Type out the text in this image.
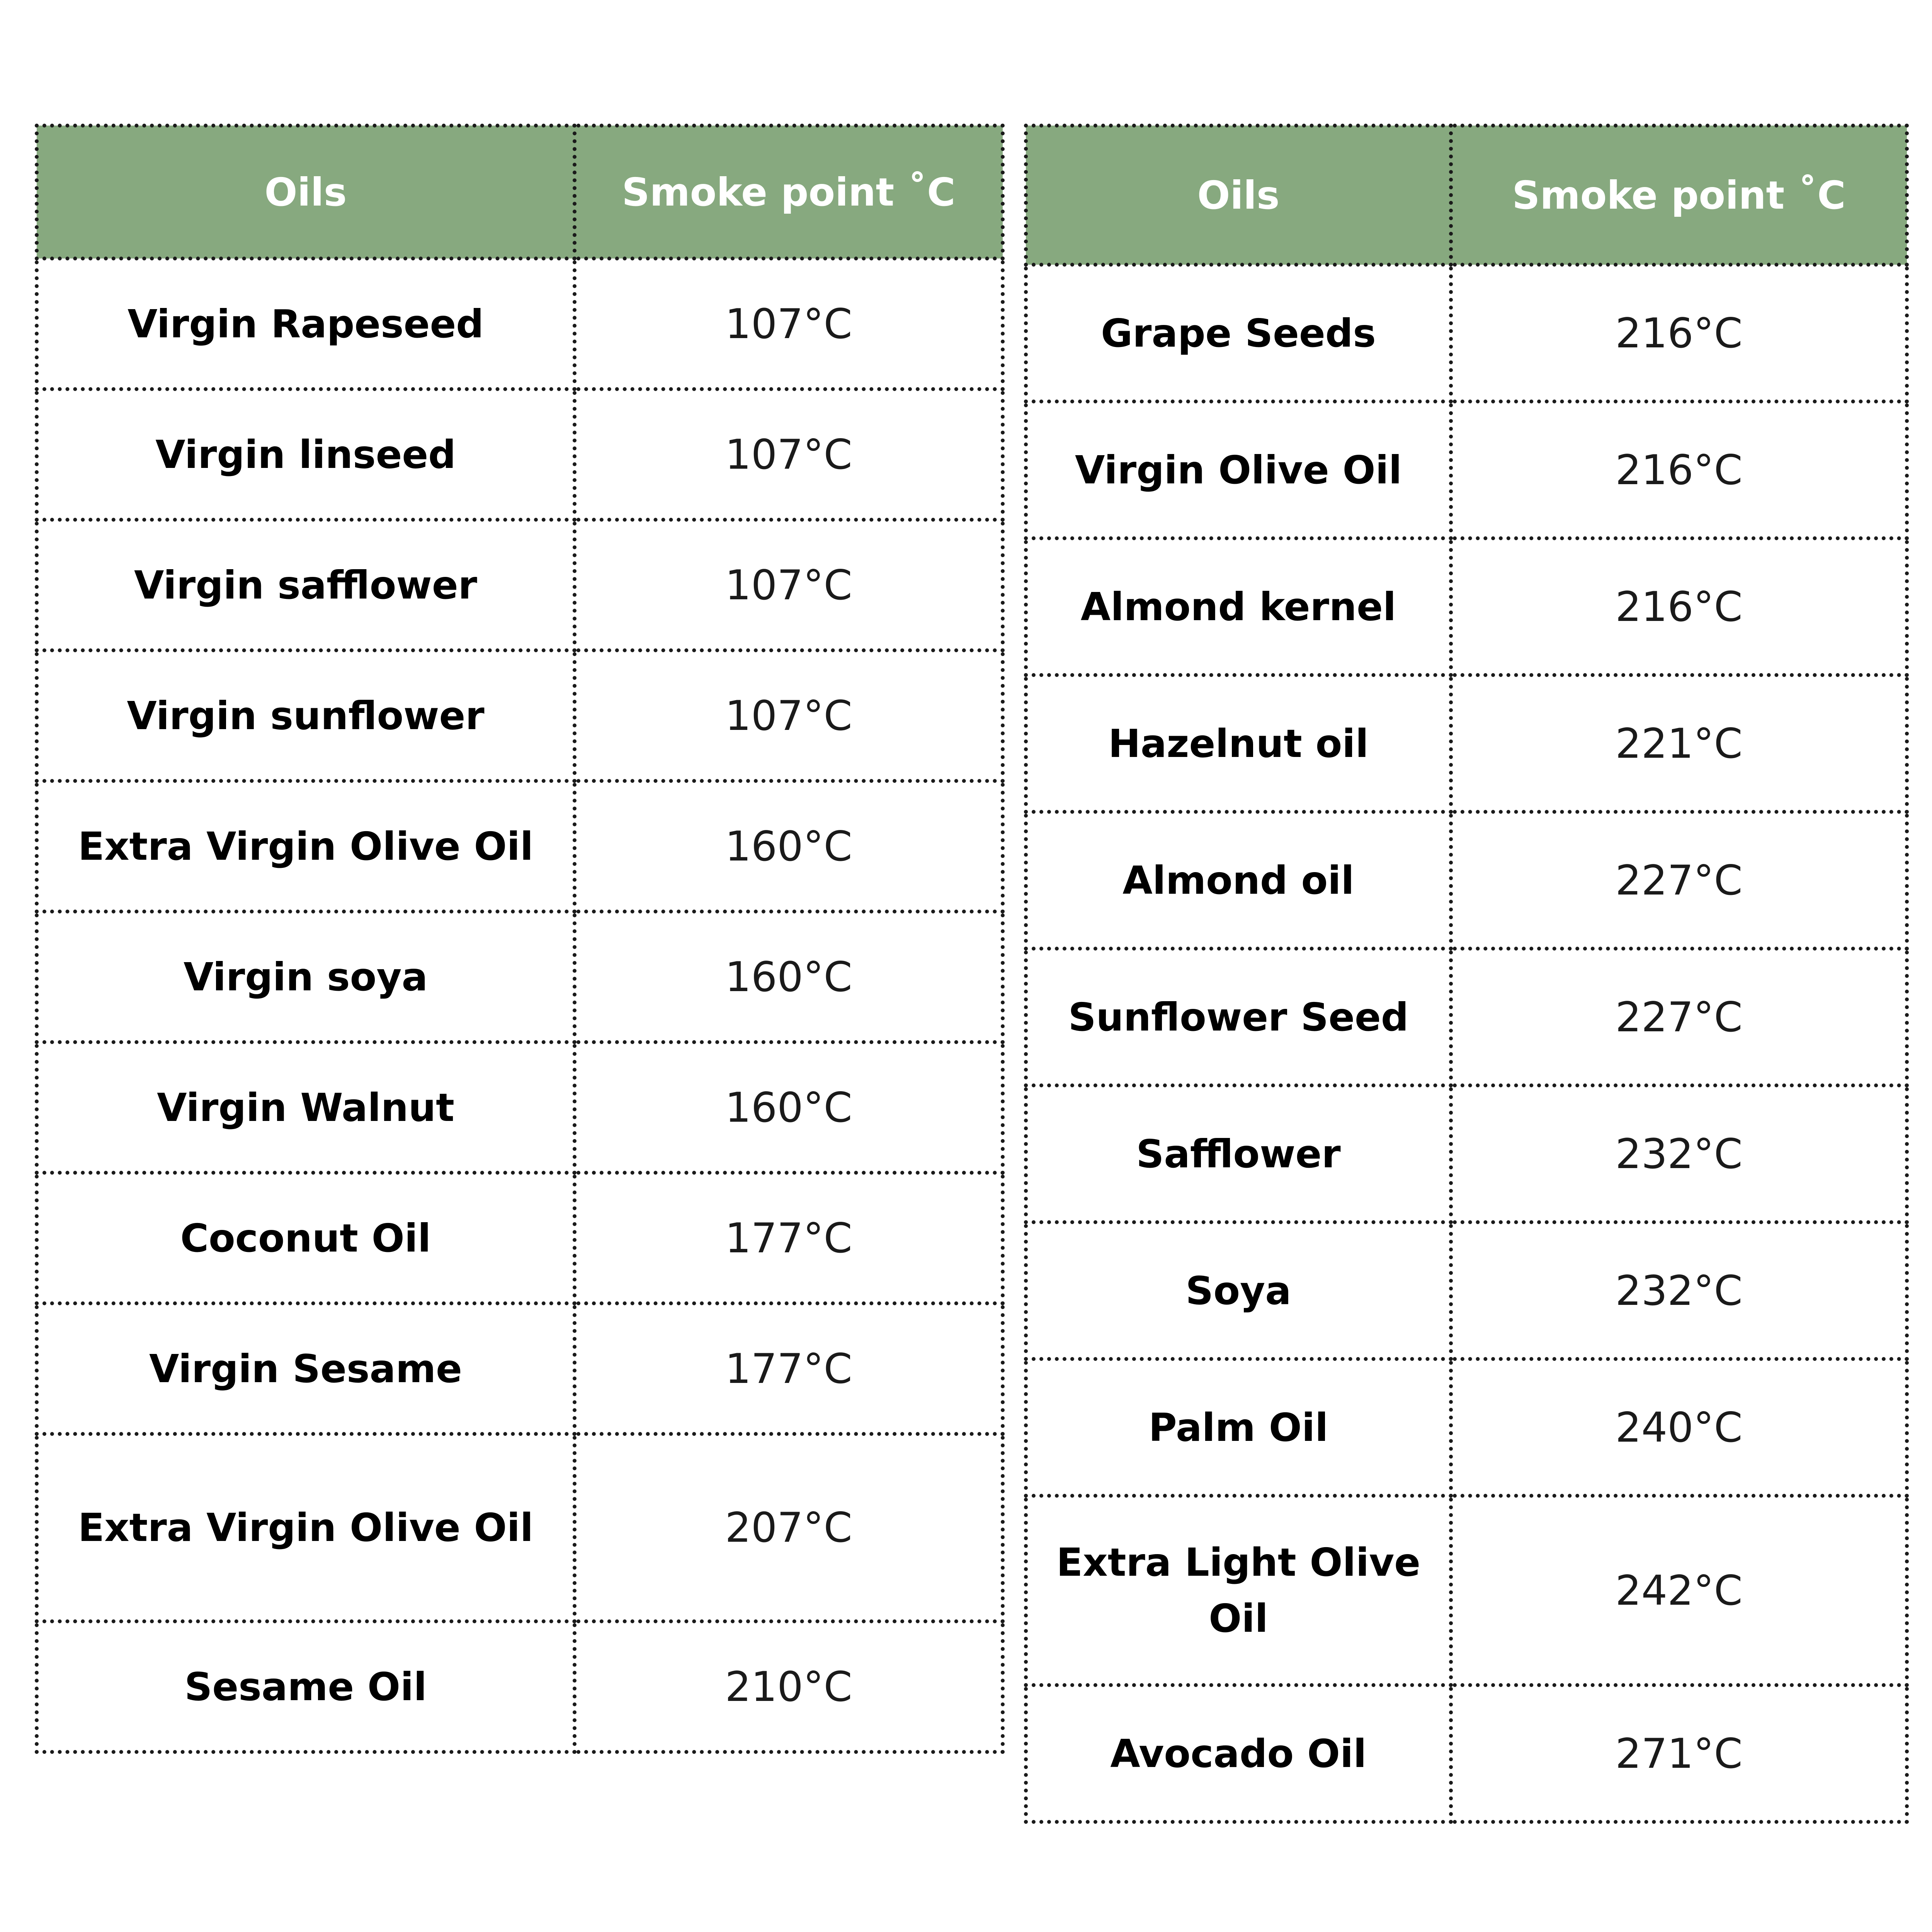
Oils	Smoke point ˚C
Virgin Rapeseed	107°C
Virgin linseed	107°C
Virgin safflower	107°C
Virgin sunflower	107°C
Extra Virgin Olive Oil	160°C
Virgin soya	160°C
Virgin Walnut	160°C
Coconut Oil	177°C
Virgin Sesame	177°C
Extra Virgin Olive Oil	207°C
Sesame Oil	210°C
Oils	Smoke point ˚C
Grape Seeds	216°C
Virgin Olive Oil	216°C
Almond kernel	216°C
Hazelnut oil	221°C
Almond oil	227°C
Sunflower Seed	227°C
Safflower	232°C
Soya	232°C
Palm Oil	240°C
Extra Light Olive Oil	242°C
Avocado Oil	271°C
